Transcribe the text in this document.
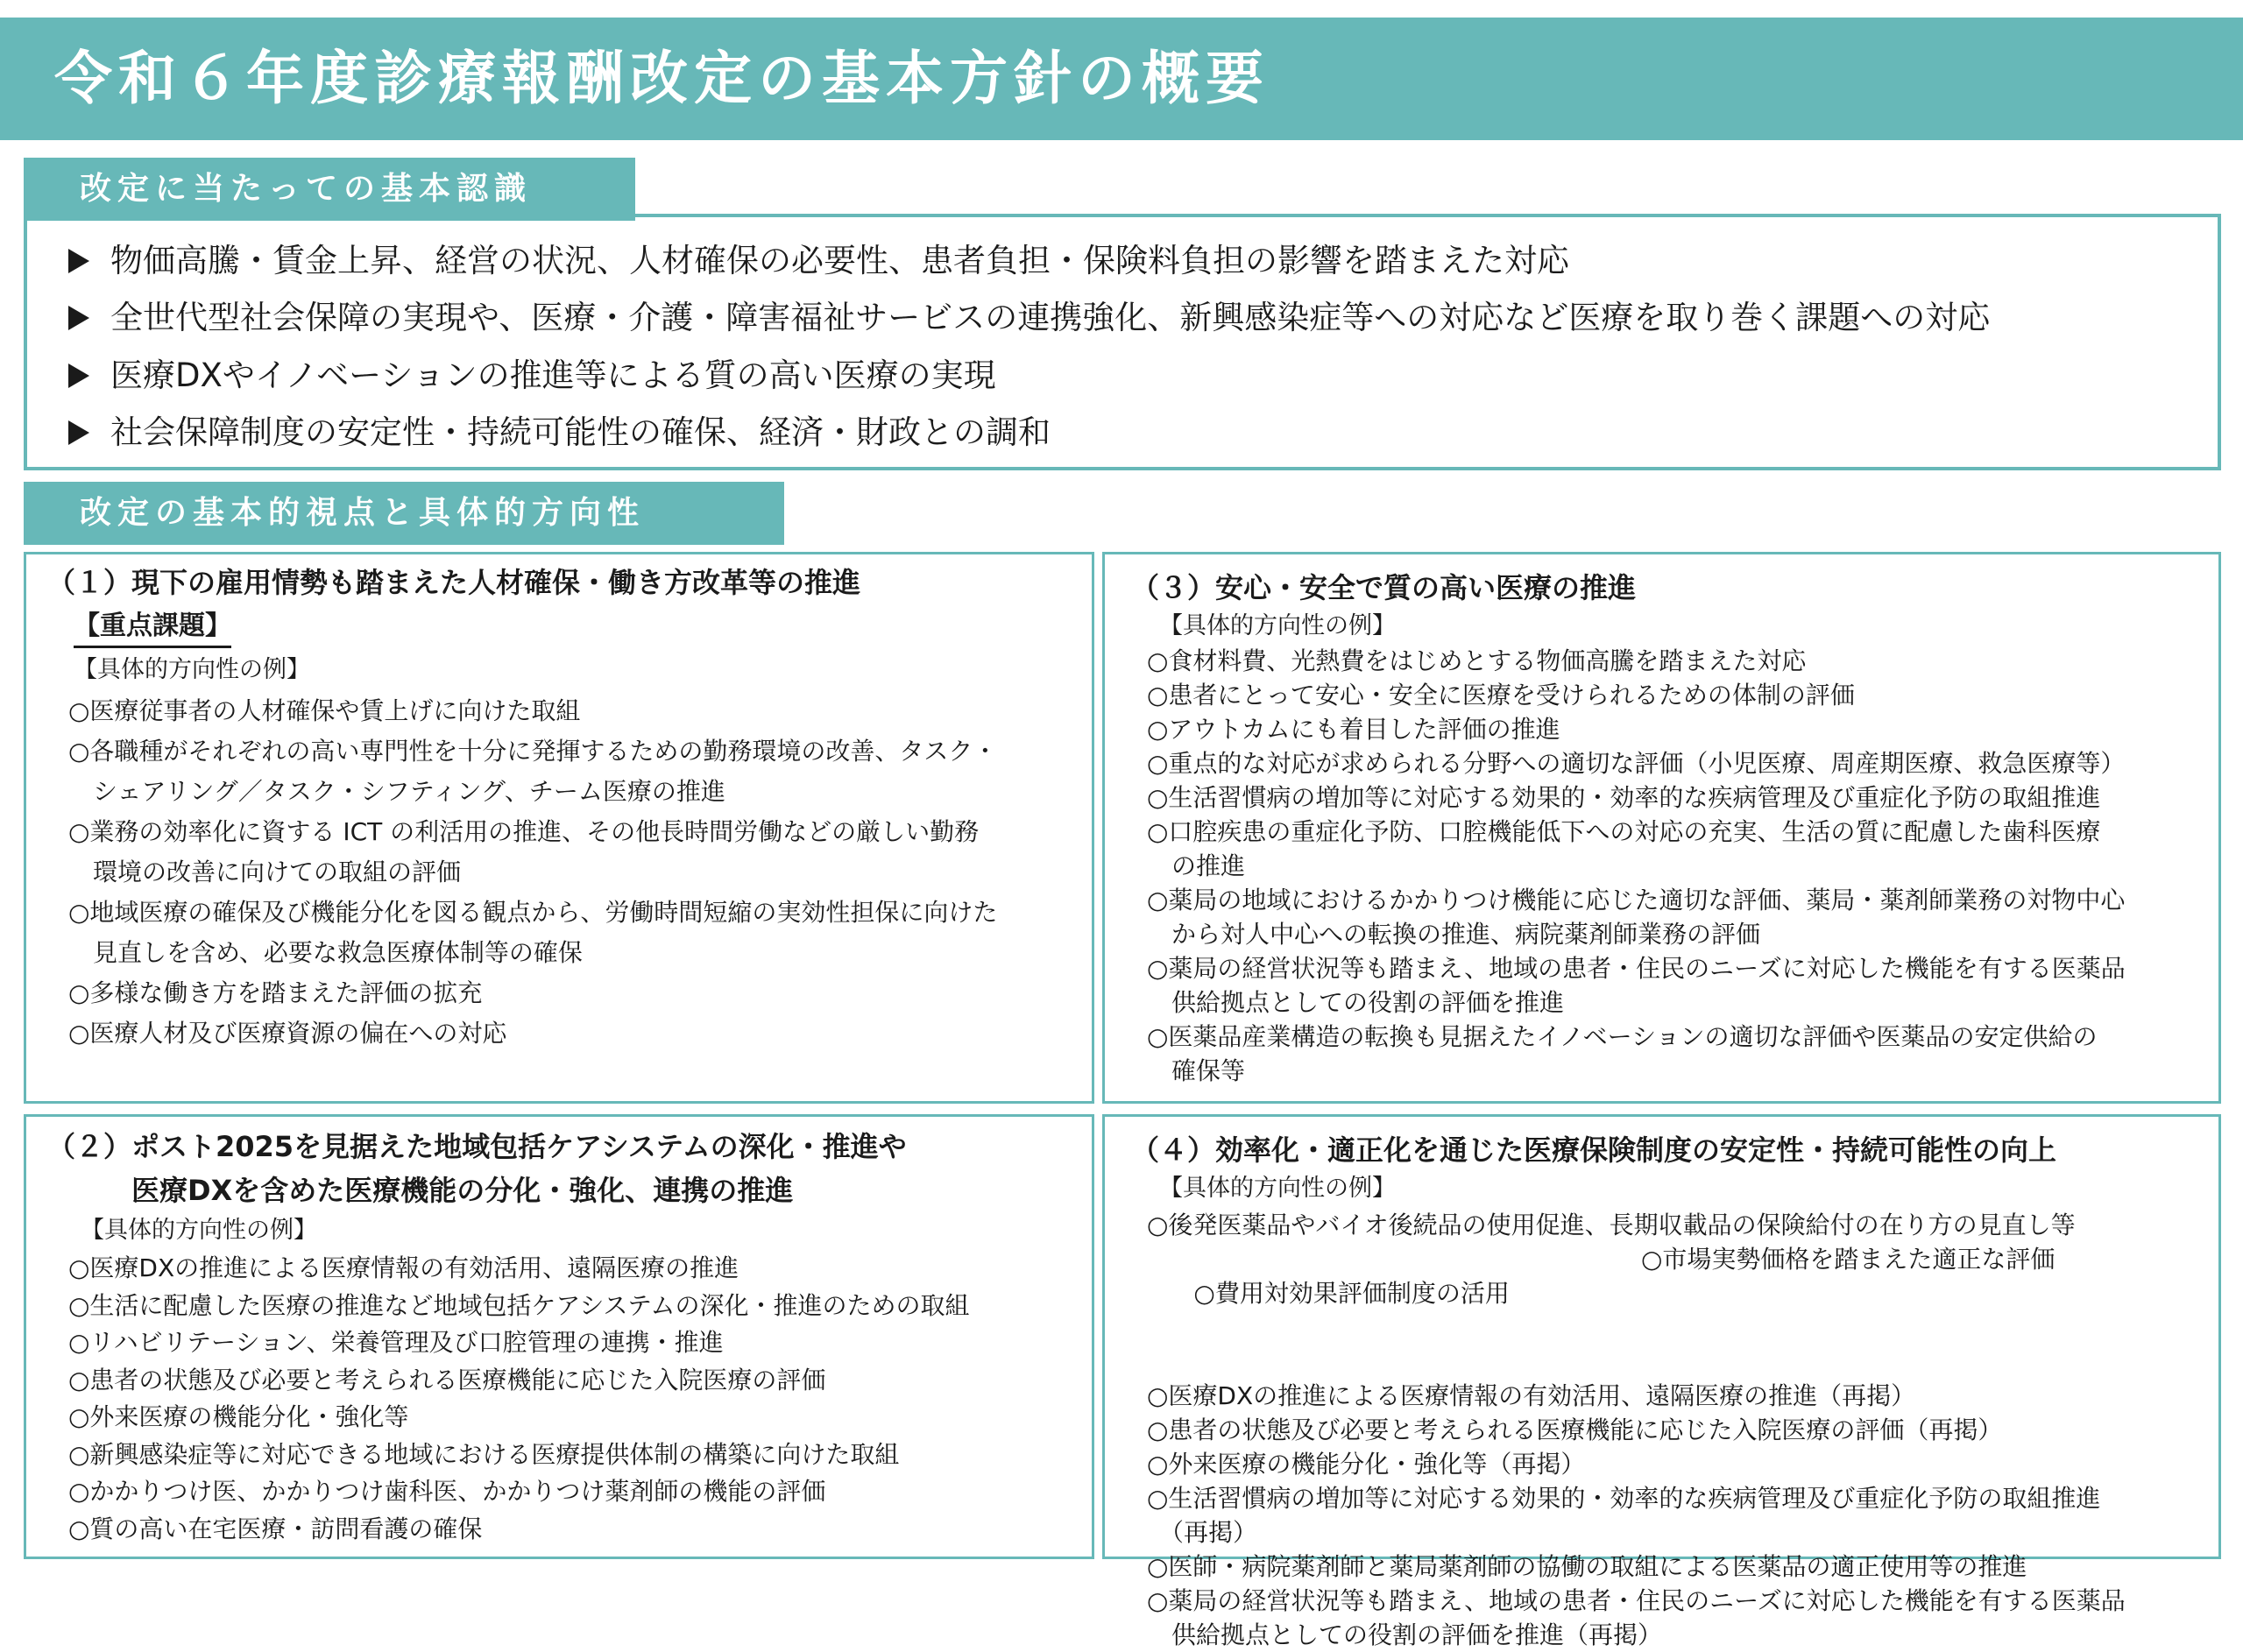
令和６年度診療報酬改定の基本方針の概要
改定に当たっての基本認識
物価高騰・賃金上昇、経営の状況、人材確保の必要性、患者負担・保険料負担の影響を踏まえた対応
全世代型社会保障の実現や、医療・介護・障害福祉サービスの連携強化、新興感染症等への対応など医療を取り巻く課題への対応
医療DXやイノベーションの推進等による質の高い医療の実現
社会保障制度の安定性・持続可能性の確保、経済・財政との調和
改定の基本的視点と具体的方向性
（１）現下の雇用情勢も踏まえた人材確保・働き方改革等の推進
【重点課題】
【具体的方向性の例】
○医療従事者の人材確保や賃上げに向けた取組
○各職種がそれぞれの高い専門性を十分に発揮するための勤務環境の改善、タスク・
　シェアリング／タスク・シフティング、チーム医療の推進
○業務の効率化に資する ICT の利活用の推進、その他長時間労働などの厳しい勤務
　環境の改善に向けての取組の評価
○地域医療の確保及び機能分化を図る観点から、労働時間短縮の実効性担保に向けた
　見直しを含め、必要な救急医療体制等の確保
○多様な働き方を踏まえた評価の拡充
○医療人材及び医療資源の偏在への対応
（３）安心・安全で質の高い医療の推進
【具体的方向性の例】
○食材料費、光熱費をはじめとする物価高騰を踏まえた対応
○患者にとって安心・安全に医療を受けられるための体制の評価
○アウトカムにも着目した評価の推進
○重点的な対応が求められる分野への適切な評価（小児医療、周産期医療、救急医療等）
○生活習慣病の増加等に対応する効果的・効率的な疾病管理及び重症化予防の取組推進
○口腔疾患の重症化予防、口腔機能低下への対応の充実、生活の質に配慮した歯科医療
　の推進
○薬局の地域におけるかかりつけ機能に応じた適切な評価、薬局・薬剤師業務の対物中心
　から対人中心への転換の推進、病院薬剤師業務の評価
○薬局の経営状況等も踏まえ、地域の患者・住民のニーズに対応した機能を有する医薬品
　供給拠点としての役割の評価を推進
○医薬品産業構造の転換も見据えたイノベーションの適切な評価や医薬品の安定供給の
　確保等
（２）ポスト2025を見据えた地域包括ケアシステムの深化・推進や
医療DXを含めた医療機能の分化・強化、連携の推進
【具体的方向性の例】
○医療DXの推進による医療情報の有効活用、遠隔医療の推進
○生活に配慮した医療の推進など地域包括ケアシステムの深化・推進のための取組
○リハビリテーション、栄養管理及び口腔管理の連携・推進
○患者の状態及び必要と考えられる医療機能に応じた入院医療の評価
○外来医療の機能分化・強化等
○新興感染症等に対応できる地域における医療提供体制の構築に向けた取組
○かかりつけ医、かかりつけ歯科医、かかりつけ薬剤師の機能の評価
○質の高い在宅医療・訪問看護の確保
（４）効率化・適正化を通じた医療保険制度の安定性・持続可能性の向上
【具体的方向性の例】
○後発医薬品やバイオ後続品の使用促進、長期収載品の保険給付の在り方の見直し等

○費用対効果評価制度の活用

○市場実勢価格を踏まえた適正な評価

○医療DXの推進による医療情報の有効活用、遠隔医療の推進（再掲）
○患者の状態及び必要と考えられる医療機能に応じた入院医療の評価（再掲）
○外来医療の機能分化・強化等（再掲）
○生活習慣病の増加等に対応する効果的・効率的な疾病管理及び重症化予防の取組推進
　（再掲）
○医師・病院薬剤師と薬局薬剤師の協働の取組による医薬品の適正使用等の推進
○薬局の経営状況等も踏まえ、地域の患者・住民のニーズに対応した機能を有する医薬品
　供給拠点としての役割の評価を推進（再掲）
